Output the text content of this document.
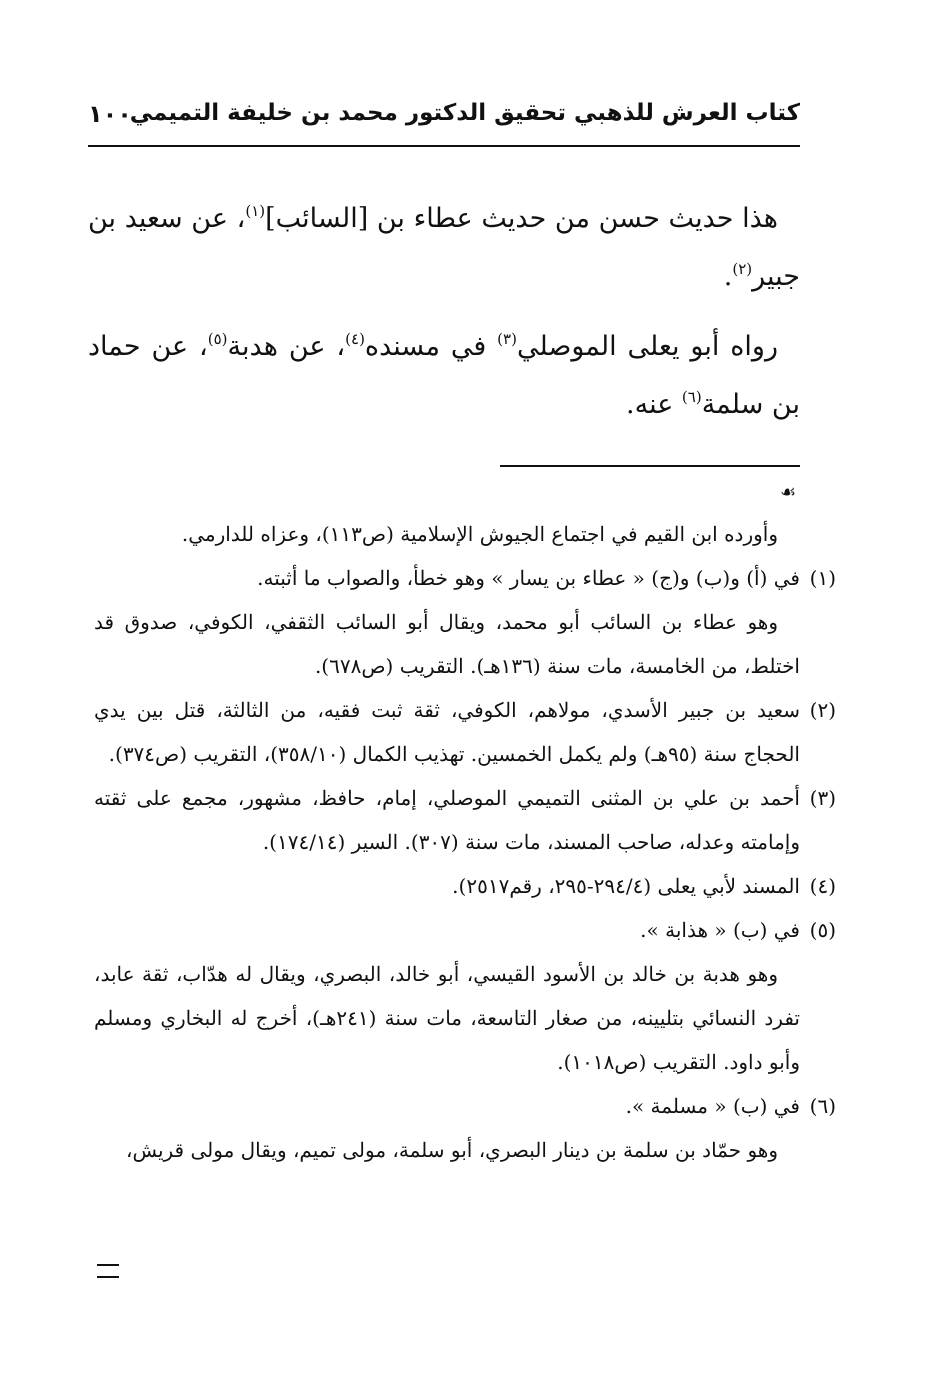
كتاب العرش للذهبي تحقيق الدكتور محمد بن خليفة التميمي
١٠٠

هذا حديث حسن من حديث عطاء بن [السائب]$^{(١)}$، عن سعيد بن جبير$^{(٢)}$.

رواه أبو يعلى الموصلي$^{(٣)}$ في مسنده$^{(٤)}$، عن هدبة$^{(٥)}$، عن حماد بن سلمة$^{(٦)}$ عنه.

☙

وأورده ابن القيم في اجتماع الجيوش الإسلامية (ص١١٣)، وعزاه للدارمي.

(١)

في (أ) و(ب) و(ج) « عطاء بن يسار » وهو خطأ، والصواب ما أثبته.

وهو عطاء بن السائب أبو محمد، ويقال أبو السائب الثقفي، الكوفي، صدوق قد اختلط، من الخامسة، مات سنة (١٣٦هـ). التقريب (ص٦٧٨).

(٢)

سعيد بن جبير الأسدي، مولاهم، الكوفي، ثقة ثبت فقيه، من الثالثة، قتل بين يدي الحجاج سنة (٩٥هـ) ولم يكمل الخمسين. تهذيب الكمال (٣٥٨/١٠)، التقريب (ص٣٧٤).

(٣)

أحمد بن علي بن المثنى التميمي الموصلي، إمام، حافظ، مشهور، مجمع على ثقته وإمامته وعدله، صاحب المسند، مات سنة (٣٠٧). السير (١٧٤/١٤).

(٤)

المسند لأبي يعلى (٢٩٤/٤-٢٩٥، رقم٢٥١٧).

(٥)

في (ب) « هذابة ».

وهو هدبة بن خالد بن الأسود القيسي، أبو خالد، البصري، ويقال له هدّاب، ثقة عابد، تفرد النسائي بتليينه، من صغار التاسعة، مات سنة (٢٤١هـ)، أخرج له البخاري ومسلم وأبو داود. التقريب (ص١٠١٨).

(٦)

في (ب) « مسلمة ».

وهو حمّاد بن سلمة بن دينار البصري، أبو سلمة، مولى تميم، ويقال مولى قريش،
